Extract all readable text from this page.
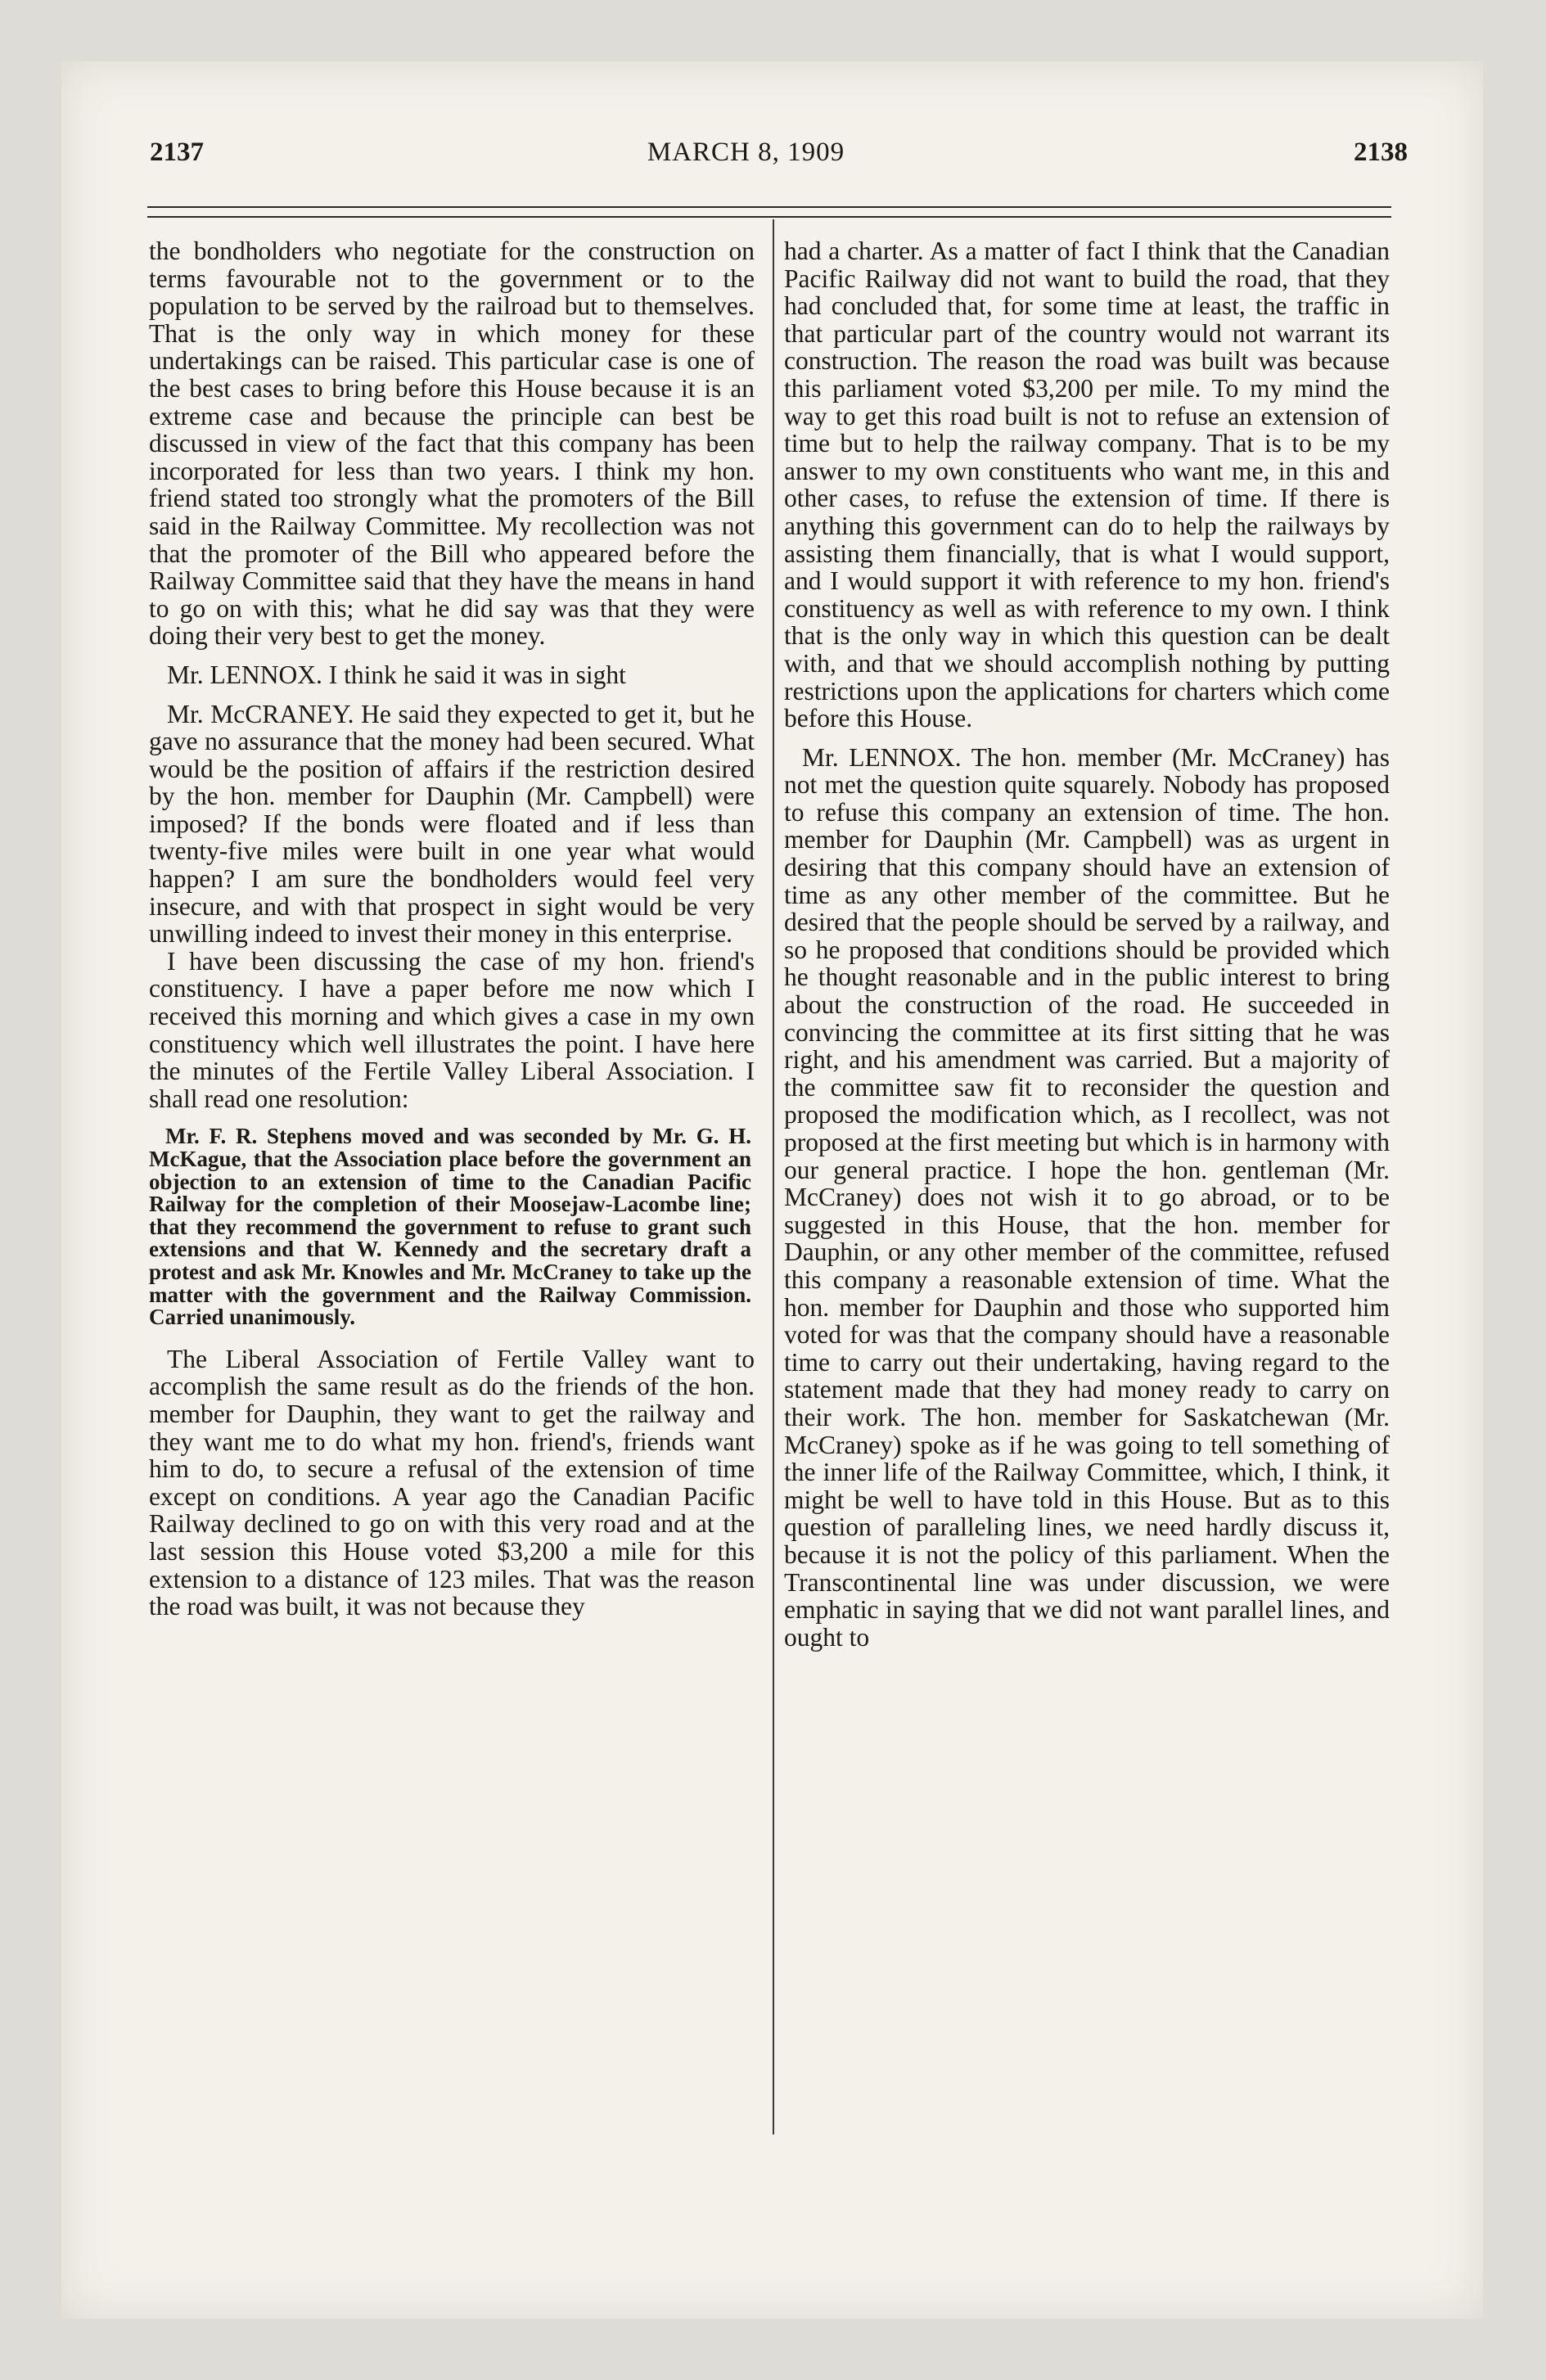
2137	MARCH 8, 1909	2138

the bondholders who negotiate for the construction on terms favourable not to the government or to the population to be served by the railroad but to themselves. That is the only way in which money for these undertakings can be raised. This particular case is one of the best cases to bring before this House because it is an extreme case and because the principle can best be discussed in view of the fact that this company has been incorporated for less than two years. I think my hon. friend stated too strongly what the promoters of the Bill said in the Railway Committee. My recollection was not that the promoter of the Bill who appeared before the Railway Committee said that they have the means in hand to go on with this; what he did say was that they were doing their very best to get the money.

Mr. LENNOX. I think he said it was in sight

Mr. McCRANEY. He said they expected to get it, but he gave no assurance that the money had been secured. What would be the position of affairs if the restriction desired by the hon. member for Dauphin (Mr. Campbell) were imposed? If the bonds were floated and if less than twenty-five miles were built in one year what would happen? I am sure the bondholders would feel very insecure, and with that prospect in sight would be very unwilling indeed to invest their money in this enterprise.

I have been discussing the case of my hon. friend's constituency. I have a paper before me now which I received this morning and which gives a case in my own constituency which well illustrates the point. I have here the minutes of the Fertile Valley Liberal Association. I shall read one resolution:

Mr. F. R. Stephens moved and was seconded by Mr. G. H. McKague, that the Association place before the government an objection to an extension of time to the Canadian Pacific Railway for the completion of their Moosejaw-Lacombe line; that they recommend the government to refuse to grant such extensions and that W. Kennedy and the secretary draft a protest and ask Mr. Knowles and Mr. McCraney to take up the matter with the government and the Railway Commission. Carried unanimously.

The Liberal Association of Fertile Valley want to accomplish the same result as do the friends of the hon. member for Dauphin, they want to get the railway and they want me to do what my hon. friend's, friends want him to do, to secure a refusal of the extension of time except on conditions. A year ago the Canadian Pacific Railway declined to go on with this very road and at the last session this House voted $3,200 a mile for this extension to a distance of 123 miles. That was the reason the road was built, it was not because they

had a charter. As a matter of fact I think that the Canadian Pacific Railway did not want to build the road, that they had concluded that, for some time at least, the traffic in that particular part of the country would not warrant its construction. The reason the road was built was because this parliament voted $3,200 per mile. To my mind the way to get this road built is not to refuse an extension of time but to help the railway company. That is to be my answer to my own constituents who want me, in this and other cases, to refuse the extension of time. If there is anything this government can do to help the railways by assisting them financially, that is what I would support, and I would support it with reference to my hon. friend's constituency as well as with reference to my own. I think that is the only way in which this question can be dealt with, and that we should accomplish nothing by putting restrictions upon the applications for charters which come before this House.

Mr. LENNOX. The hon. member (Mr. McCraney) has not met the question quite squarely. Nobody has proposed to refuse this company an extension of time. The hon. member for Dauphin (Mr. Campbell) was as urgent in desiring that this company should have an extension of time as any other member of the committee. But he desired that the people should be served by a railway, and so he proposed that conditions should be provided which he thought reasonable and in the public interest to bring about the construction of the road. He succeeded in convincing the committee at its first sitting that he was right, and his amendment was carried. But a majority of the committee saw fit to reconsider the question and proposed the modification which, as I recollect, was not proposed at the first meeting but which is in harmony with our general practice. I hope the hon. gentleman (Mr. McCraney) does not wish it to go abroad, or to be suggested in this House, that the hon. member for Dauphin, or any other member of the committee, refused this company a reasonable extension of time. What the hon. member for Dauphin and those who supported him voted for was that the company should have a reasonable time to carry out their undertaking, having regard to the statement made that they had money ready to carry on their work. The hon. member for Saskatchewan (Mr. McCraney) spoke as if he was going to tell something of the inner life of the Railway Committee, which, I think, it might be well to have told in this House. But as to this question of paralleling lines, we need hardly discuss it, because it is not the policy of this parliament. When the Transcontinental line was under discussion, we were emphatic in saying that we did not want parallel lines, and ought to
